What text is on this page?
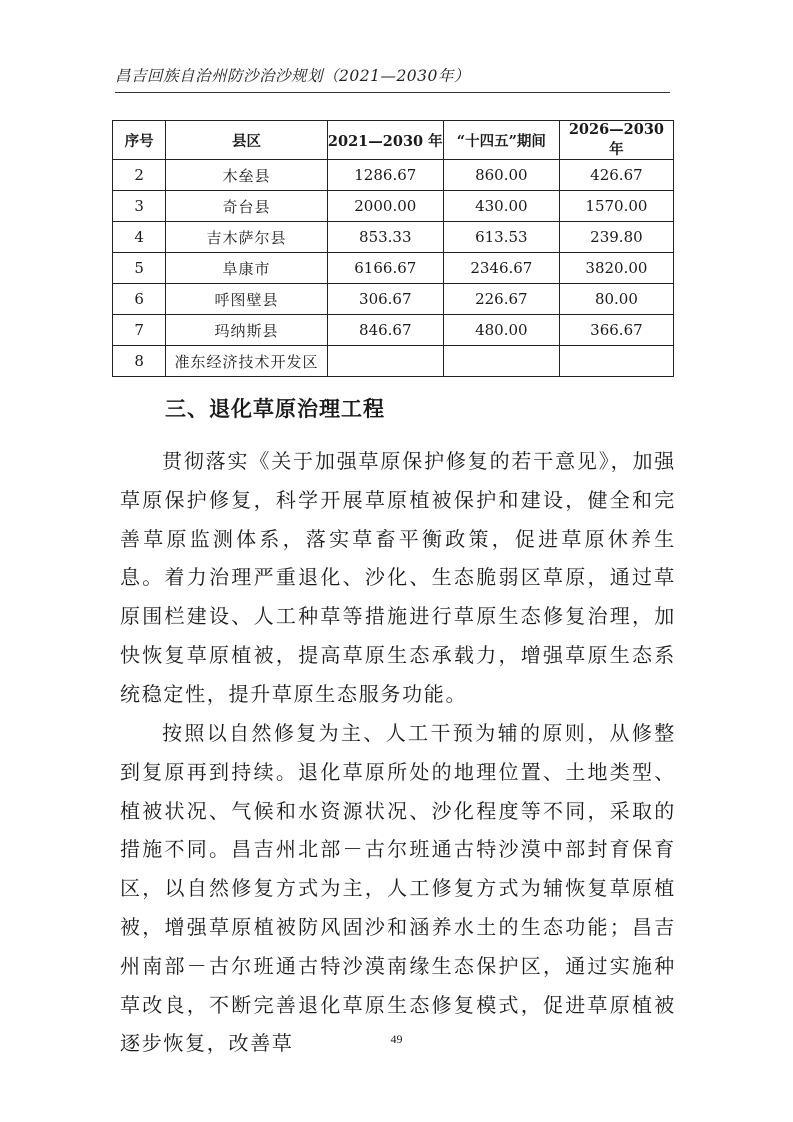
昌吉回族自治州防沙治沙规划（2021—2030年）
序号	县区	2021—2030 年	“十四五”期间	2026—2030 年
2	木垒县	1286.67	860.00	426.67
3	奇台县	2000.00	430.00	1570.00
4	吉木萨尔县	853.33	613.53	239.80
5	阜康市	6166.67	2346.67	3820.00
6	呼图壁县	306.67	226.67	80.00
7	玛纳斯县	846.67	480.00	366.67
8	准东经济技术开发区			
三、退化草原治理工程

贯彻落实《关于加强草原保护修复的若干意见》，加强草原保护修复，科学开展草原植被保护和建设，健全和完善草原监测体系，落实草畜平衡政策，促进草原休养生息。着力治理严重退化、沙化、生态脆弱区草原，通过草原围栏建设、人工种草等措施进行草原生态修复治理，加快恢复草原植被，提高草原生态承载力，增强草原生态系统稳定性，提升草原生态服务功能。

按照以自然修复为主、人工干预为辅的原则，从修整到复原再到持续。退化草原所处的地理位置、土地类型、植被状况、气候和水资源状况、沙化程度等不同，采取的措施不同。昌吉州北部－古尔班通古特沙漠中部封育保育区，以自然修复方式为主，人工修复方式为辅恢复草原植被，增强草原植被防风固沙和涵养水土的生态功能；昌吉州南部－古尔班通古特沙漠南缘生态保护区，通过实施种草改良，不断完善退化草原生态修复模式，促进草原植被逐步恢复，改善草	49
